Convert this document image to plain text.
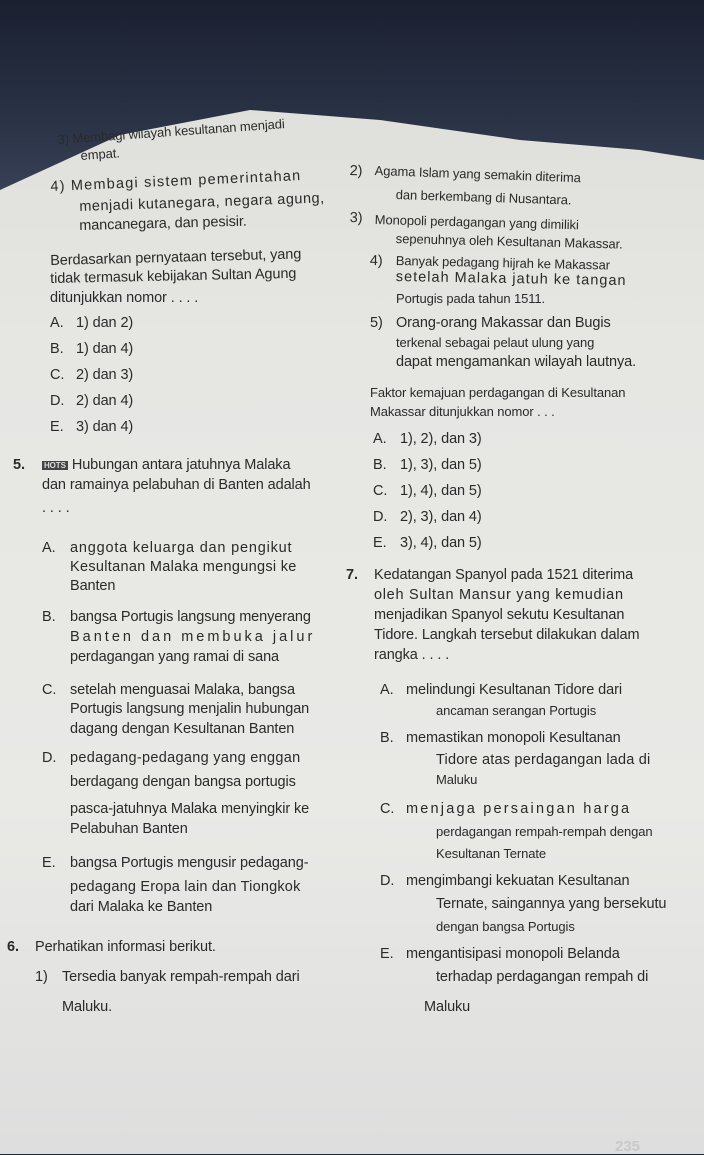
3) Membagi wilayah kesultanan menjadi
empat.
4) Membagi sistem pemerintahan
menjadi kutanegara, negara agung,
mancanegara, dan pesisir.
Berdasarkan pernyataan tersebut, yang
tidak termasuk kebijakan Sultan Agung
ditunjukkan nomor . . . .
A. 1) dan 2)
B. 1) dan 4)
C. 2) dan 3)
D. 2) dan 4)
E. 3) dan 4)
5. HOTS Hubungan antara jatuhnya Malaka
dan ramainya pelabuhan di Banten adalah
. . . .
A. anggota keluarga dan pengikut
Kesultanan Malaka mengungsi ke
Banten
B. bangsa Portugis langsung menyerang
Banten dan membuka jalur
perdagangan yang ramai di sana
C. setelah menguasai Malaka, bangsa
Portugis langsung menjalin hubungan
dagang dengan Kesultanan Banten
D. pedagang-pedagang yang enggan
berdagang dengan bangsa portugis
pasca-jatuhnya Malaka menyingkir ke
Pelabuhan Banten
E. bangsa Portugis mengusir pedagang-
pedagang Eropa lain dan Tiongkok
dari Malaka ke Banten
6. Perhatikan informasi berikut.
1) Tersedia banyak rempah-rempah dari
Maluku.
2) Agama Islam yang semakin diterima
dan berkembang di Nusantara.
3) Monopoli perdagangan yang dimiliki
sepenuhnya oleh Kesultanan Makassar.
4) Banyak pedagang hijrah ke Makassar
setelah Malaka jatuh ke tangan
Portugis pada tahun 1511.
5) Orang-orang Makassar dan Bugis
terkenal sebagai pelaut ulung yang
dapat mengamankan wilayah lautnya.
Faktor kemajuan perdagangan di Kesultanan
Makassar ditunjukkan nomor . . .
A. 1), 2), dan 3)
B. 1), 3), dan 5)
C. 1), 4), dan 5)
D. 2), 3), dan 4)
E. 3), 4), dan 5)
7. Kedatangan Spanyol pada 1521 diterima
oleh Sultan Mansur yang kemudian
menjadikan Spanyol sekutu Kesultanan
Tidore. Langkah tersebut dilakukan dalam
rangka . . . .
A. melindungi Kesultanan Tidore dari
ancaman serangan Portugis
B. memastikan monopoli Kesultanan
Tidore atas perdagangan lada di
Maluku
C. menjaga persaingan harga
perdagangan rempah-rempah dengan
Kesultanan Ternate
D. mengimbangi kekuatan Kesultanan
Ternate, saingannya yang bersekutu
dengan bangsa Portugis
E. mengantisipasi monopoli Belanda
terhadap perdagangan rempah di
Maluku
235
